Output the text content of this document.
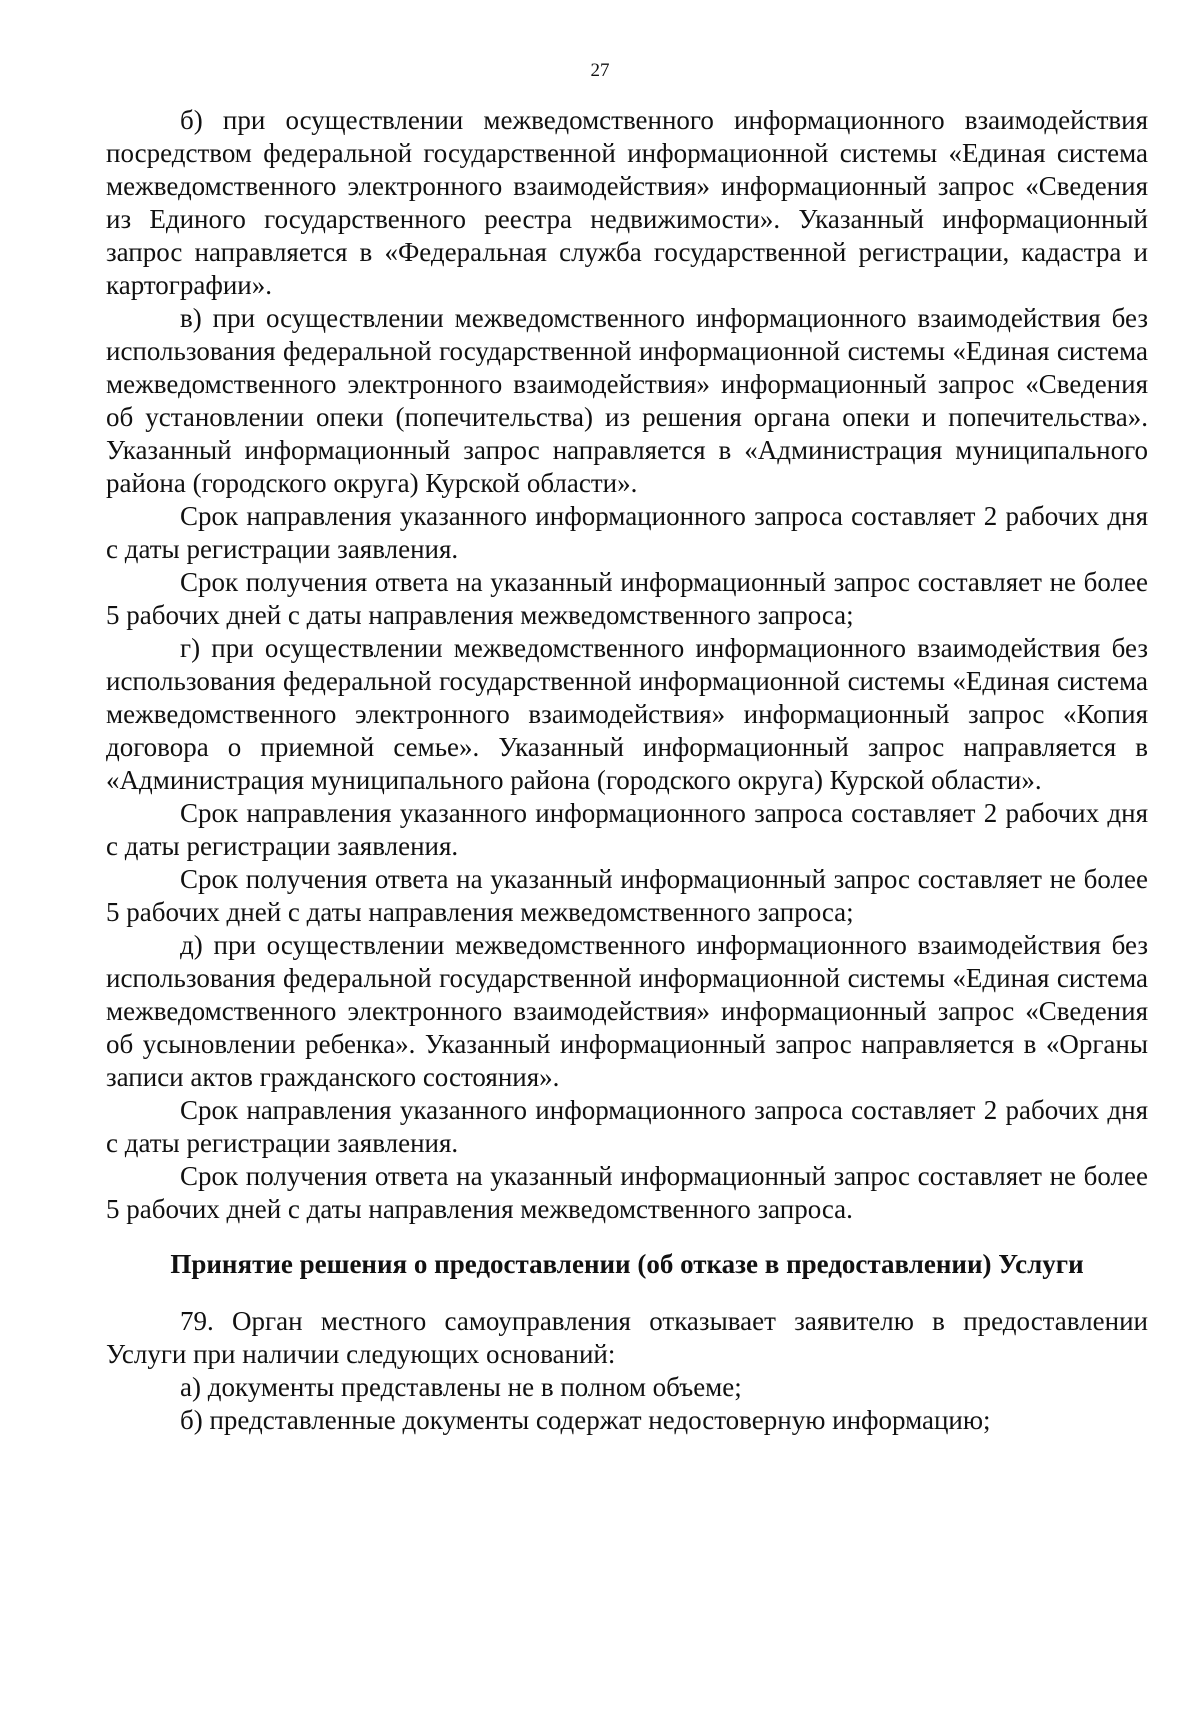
27

б) при осуществлении межведомственного информационного взаимодействия посредством федеральной государственной информационной системы «Единая система межведомственного электронного взаимодействия» информационный запрос «Сведения из Единого государственного реестра недвижимости». Указанный информационный запрос направляется в «Федеральная служба государственной регистрации, кадастра и картографии».

в) при осуществлении межведомственного информационного взаимодействия без использования федеральной государственной информационной системы «Единая система межведомственного электронного взаимодействия» информационный запрос «Сведения об установлении опеки (попечительства) из решения органа опеки и попечительства». Указанный информационный запрос направляется в «Администрация муниципального района (городского округа) Курской области».

Срок направления указанного информационного запроса составляет 2 рабочих дня с даты регистрации заявления.

Срок получения ответа на указанный информационный запрос составляет не более 5 рабочих дней с даты направления межведомственного запроса;

г) при осуществлении межведомственного информационного взаимодействия без использования федеральной государственной информационной системы «Единая система межведомственного электронного взаимодействия» информационный запрос «Копия договора о приемной семье». Указанный информационный запрос направляется в «Администрация муниципального района (городского округа) Курской области».

Срок направления указанного информационного запроса составляет 2 рабочих дня с даты регистрации заявления.

Срок получения ответа на указанный информационный запрос составляет не более 5 рабочих дней с даты направления межведомственного запроса;

д) при осуществлении межведомственного информационного взаимодействия без использования федеральной государственной информационной системы «Единая система межведомственного электронного взаимодействия» информационный запрос «Сведения об усыновлении ребенка». Указанный информационный запрос направляется в «Органы записи актов гражданского состояния».

Срок направления указанного информационного запроса составляет 2 рабочих дня с даты регистрации заявления.

Срок получения ответа на указанный информационный запрос составляет не более 5 рабочих дней с даты направления межведомственного запроса.

Принятие решения о предоставлении (об отказе в предоставлении) Услуги

79. Орган местного самоуправления отказывает заявителю в предоставлении Услуги при наличии следующих оснований:

а) документы представлены не в полном объеме;

б) представленные документы содержат недостоверную информацию;
